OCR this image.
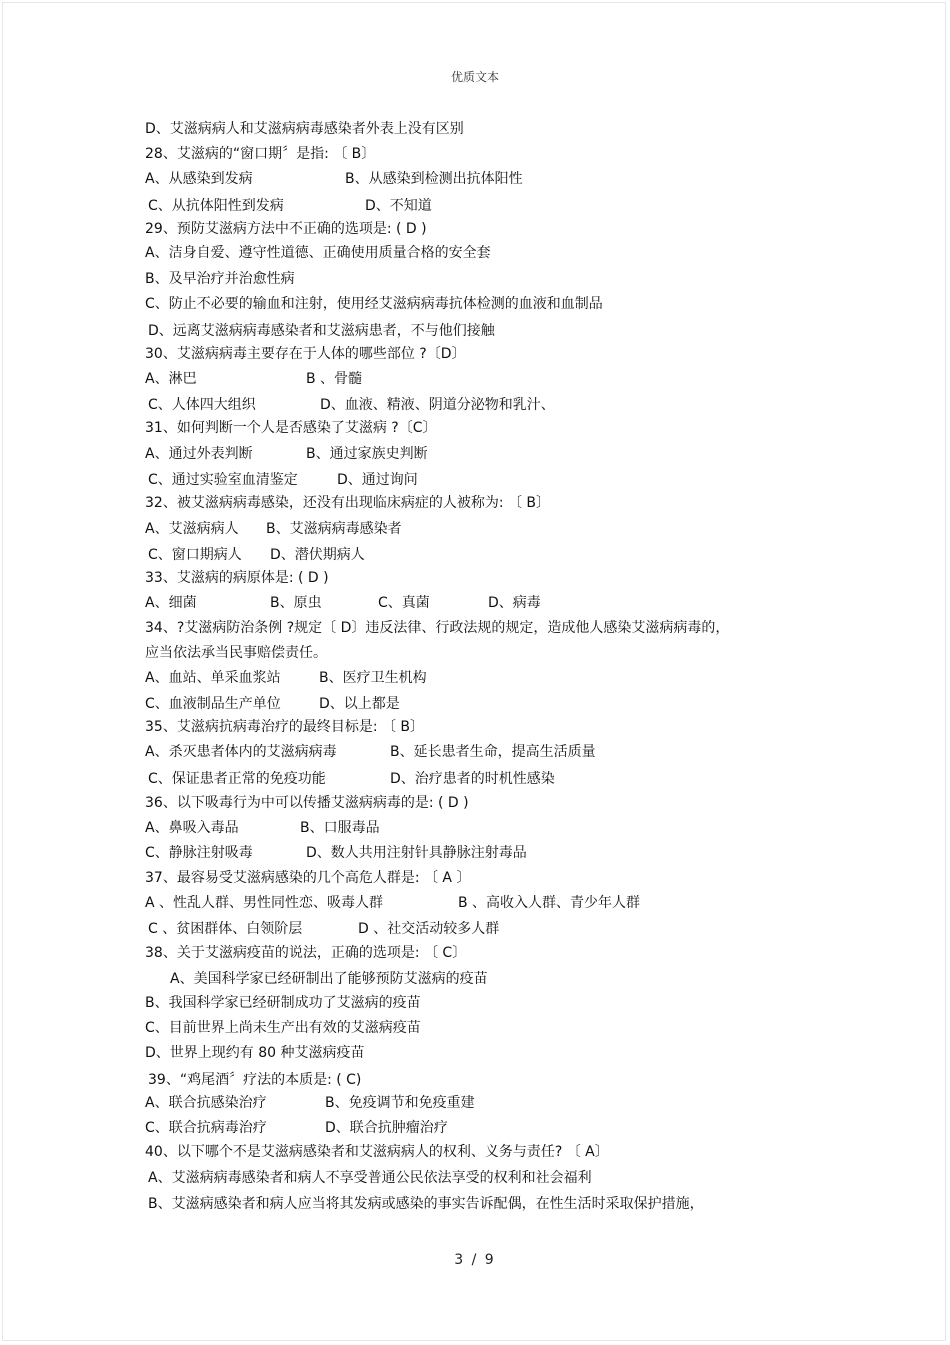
优质文本
D、艾滋病病人和艾滋病病毒感染者外表上没有区别
28、艾滋病的“窗口期〞是指: 〔 B〕
A、从感染到发病	B、从感染到检测出抗体阳性
C、从抗体阳性到发病	D、不知道
29、预防艾滋病方法中不正确的选项是: ( D )
A、洁身自爱、遵守性道德、正确使用质量合格的安全套
B、及早治疗并治愈性病
C、防止不必要的输血和注射，使用经艾滋病病毒抗体检测的血液和血制品
D、远离艾滋病病毒感染者和艾滋病患者，不与他们接触
30、艾滋病病毒主要存在于人体的哪些部位 ?〔D〕
A、淋巴	B 、骨髓
C、人体四大组织	D、血液、精液、阴道分泌物和乳汁、
31、如何判断一个人是否感染了艾滋病 ?〔C〕
A、通过外表判断	B、通过家族史判断
C、通过实验室血清鉴定	D、通过询问
32、被艾滋病病毒感染，还没有出现临床病症的人被称为: 〔 B〕
A、艾滋病病人 B、艾滋病病毒感染者
C、窗口期病人 D、潜伏期病人
33、艾滋病的病原体是: ( D )
A、细菌	B、原虫	C、真菌	D、病毒
34、?艾滋病防治条例 ?规定〔 D〕违反法律、行政法规的规定，造成他人感染艾滋病病毒的，
应当依法承当民事赔偿责任。
A、血站、单采血浆站	B、医疗卫生机构
C、血液制品生产单位	D、以上都是
35、艾滋病抗病毒治疗的最终目标是: 〔 B〕
A、杀灭患者体内的艾滋病病毒	B、延长患者生命，提高生活质量
C、保证患者正常的免疫功能	D、治疗患者的时机性感染
36、以下吸毒行为中可以传播艾滋病病毒的是: ( D )
A、鼻吸入毒品	B、口服毒品
C、静脉注射吸毒	D、数人共用注射针具静脉注射毒品
37、最容易受艾滋病感染的几个高危人群是: 〔 A 〕
A 、性乱人群、男性同性恋、吸毒人群	B 、高收入人群、青少年人群
C 、贫困群体、白领阶层	D 、社交活动较多人群
38、关于艾滋病疫苗的说法，正确的选项是: 〔 C〕
A、美国科学家已经研制出了能够预防艾滋病的疫苗
B、我国科学家已经研制成功了艾滋病的疫苗
C、目前世界上尚未生产出有效的艾滋病疫苗
D、世界上现约有 80 种艾滋病疫苗
39、“鸡尾酒〞疗法的本质是: ( C)
A、联合抗感染治疗	B、免疫调节和免疫重建
C、联合抗病毒治疗	D、联合抗肿瘤治疗
40、以下哪个不是艾滋病感染者和艾滋病病人的权利、义务与责任? 〔 A〕
A、艾滋病病毒感染者和病人不享受普通公民依法享受的权利和社会福利
B、艾滋病感染者和病人应当将其发病或感染的事实告诉配偶，在性生活时采取保护措施，
3 / 9
